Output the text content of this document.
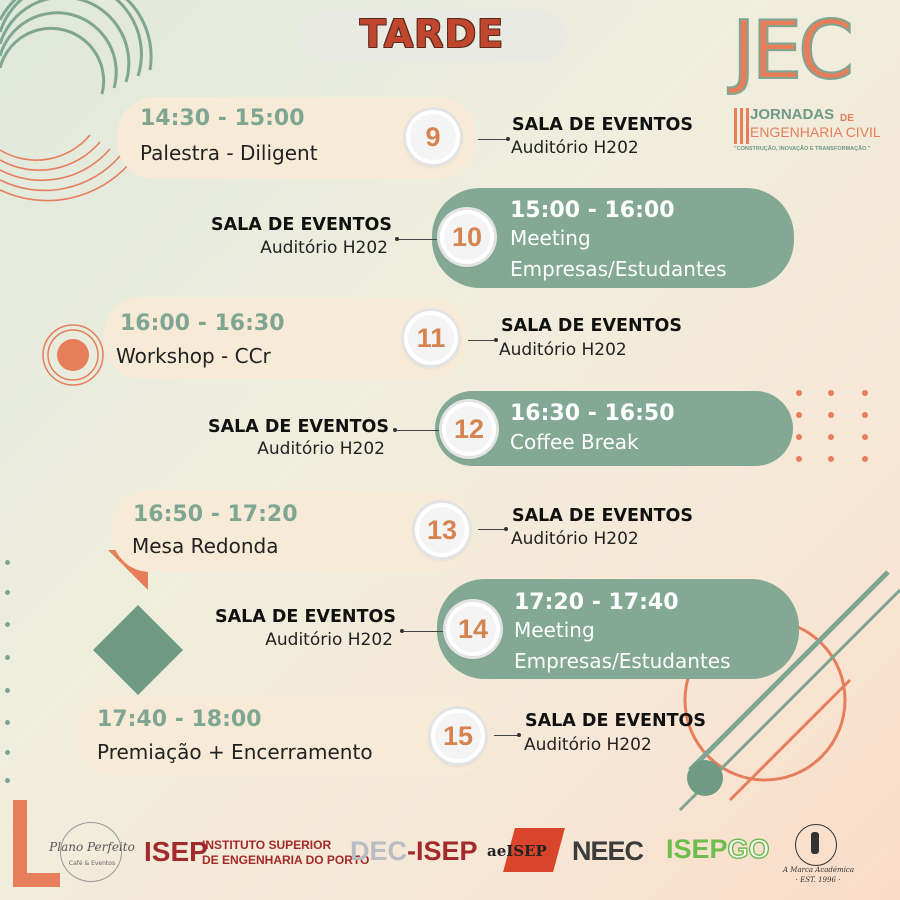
TARDE	JEC
JORNADAS DE
ENGENHARIA CIVIL
"CONSTRUÇÃO, INOVAÇÃO E TRANSFORMAÇÃO."
14:30 - 15:00
Palestra - Diligent
9	SALA DE EVENTOS
Auditório H202
SALA DE EVENTOS
Auditório H202	10
15:00 - 16:00
Meeting
Empresas/Estudantes
16:00 - 16:30
Workshop - CCr
11	SALA DE EVENTOS
Auditório H202
SALA DE EVENTOS
Auditório H202
12	16:30 - 16:50
Coffee Break
16:50 - 17:20
Mesa Redonda
13	SALA DE EVENTOS
Auditório H202
SALA DE EVENTOS
Auditório H202	14
17:20 - 17:40
Meeting
Empresas/Estudantes
17:40 - 18:00
Premiação + Encerramento
15	SALA DE EVENTOS
Auditório H202
Plano Perfeito
Café & Eventos	ISEP
INSTITUTO SUPERIOR
DE ENGENHARIA DO PORTO
DEC-ISEP aeISEP NEEC ISEPGO
A Marca Académica
· EST. 1996 ·
